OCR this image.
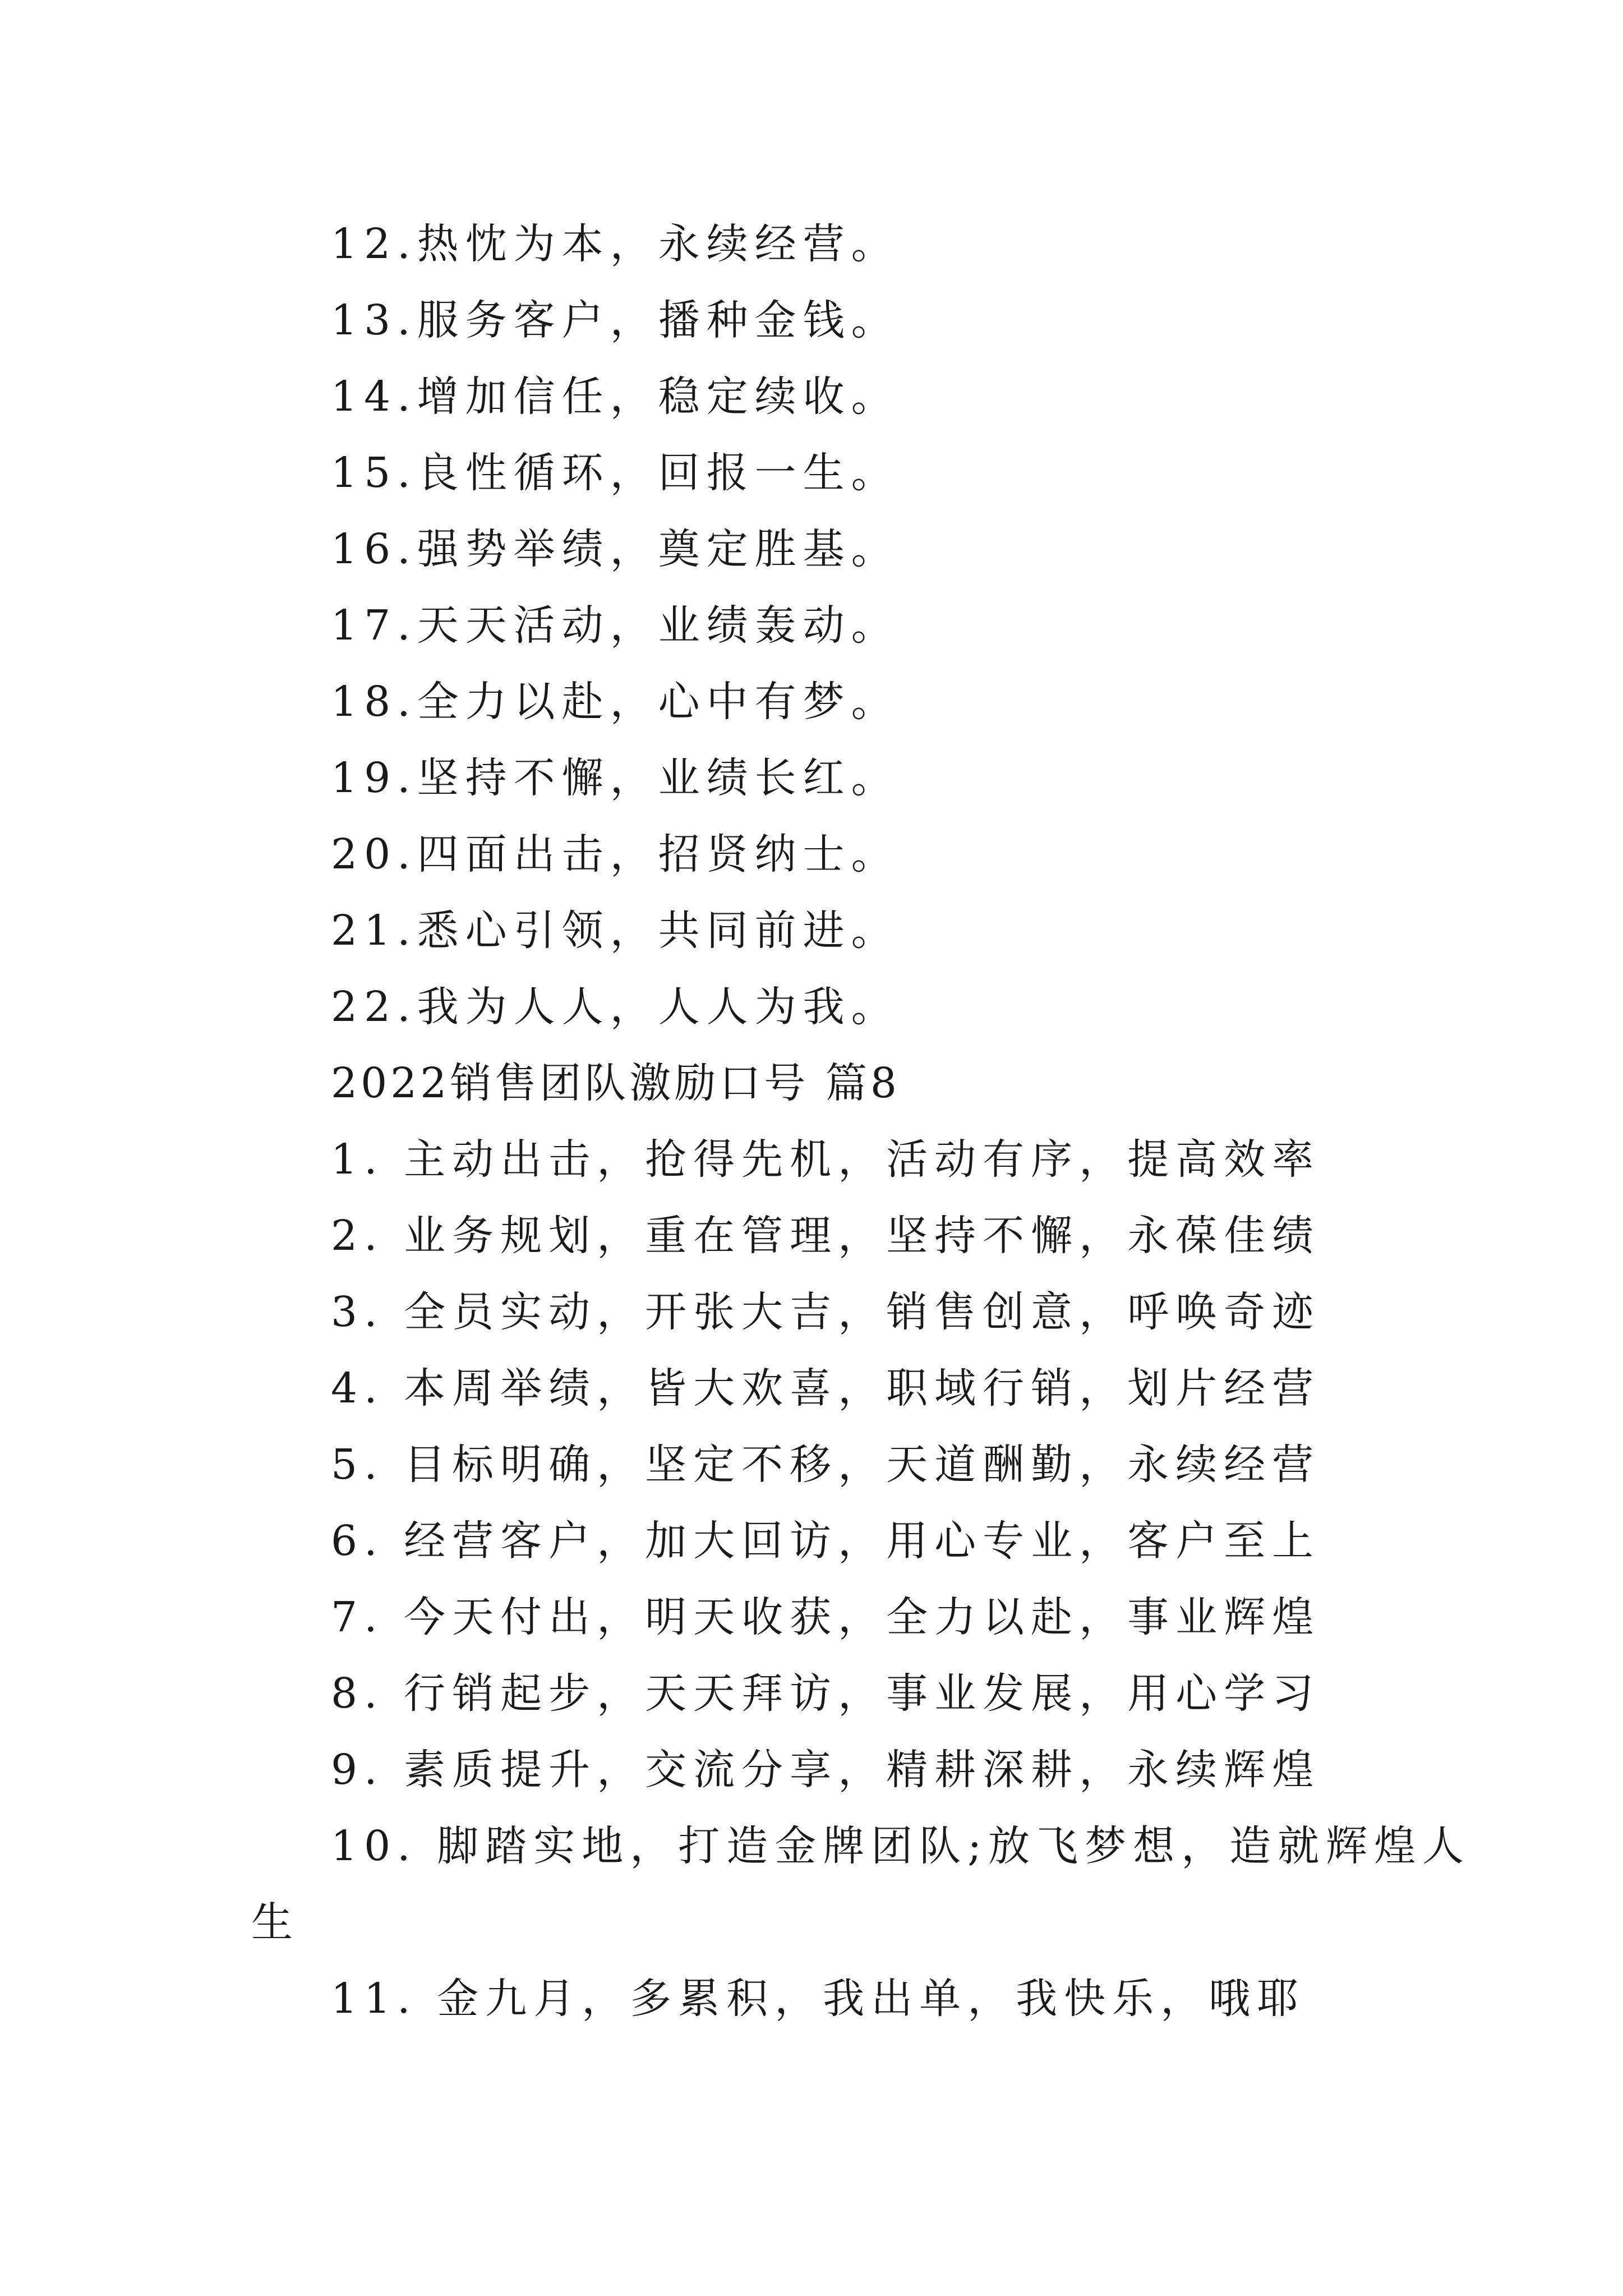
12.热忱为本，永续经营。
13.服务客户，播种金钱。
14.增加信任，稳定续收。
15.良性循环，回报一生。
16.强势举绩，奠定胜基。
17.天天活动，业绩轰动。
18.全力以赴，心中有梦。
19.坚持不懈，业绩长红。
20.四面出击，招贤纳士。
21.悉心引领，共同前进。
22.我为人人，人人为我。
2022销售团队激励口号 篇8
1. 主动出击，抢得先机，活动有序，提高效率
2. 业务规划，重在管理，坚持不懈，永葆佳绩
3. 全员实动，开张大吉，销售创意，呼唤奇迹
4. 本周举绩，皆大欢喜，职域行销，划片经营
5. 目标明确，坚定不移，天道酬勤，永续经营
6. 经营客户，加大回访，用心专业，客户至上
7. 今天付出，明天收获，全力以赴，事业辉煌
8. 行销起步，天天拜访，事业发展，用心学习
9. 素质提升，交流分享，精耕深耕，永续辉煌
10. 脚踏实地，打造金牌团队;放飞梦想，造就辉煌人
生
11. 金九月，多累积，我出单，我快乐，哦耶
